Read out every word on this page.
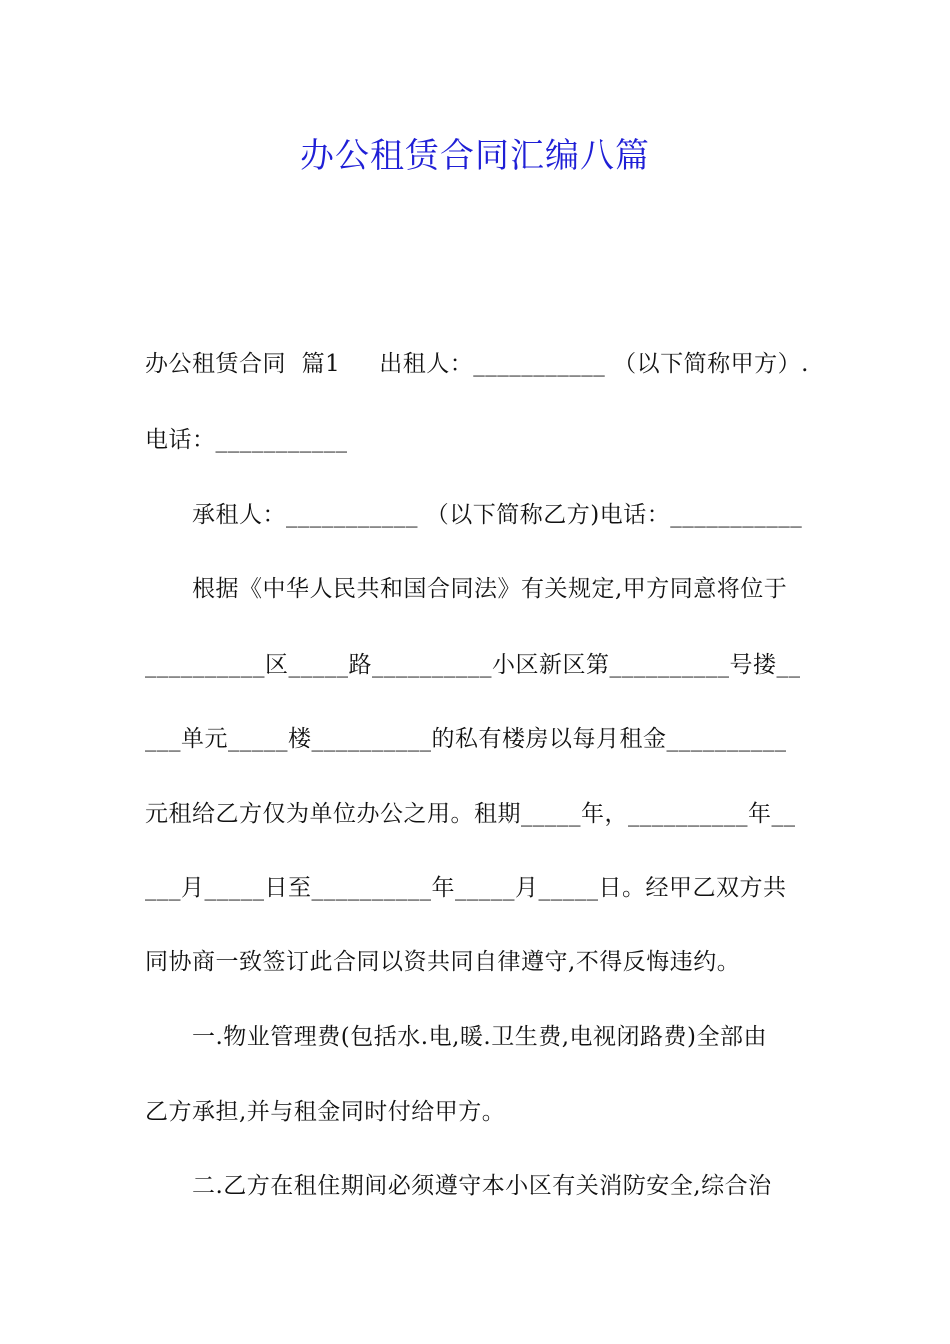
办公租赁合同汇编八篇
办公租赁合同  篇1     出租人：___________ （以下简称甲方）.
电话：___________
承租人：___________ （以下简称乙方)电话：___________
根据《中华人民共和国合同法》有关规定,甲方同意将位于
__________区_____路__________小区新区第__________号搂__
___单元_____楼__________的私有楼房以每月租金__________
元租给乙方仅为单位办公之用。租期_____年，__________年__
___月_____日至__________年_____月_____日。经甲乙双方共
同协商一致签订此合同以资共同自律遵守,不得反悔违约。
一.物业管理费(包括水.电,暖.卫生费,电视闭路费)全部由
乙方承担,并与租金同时付给甲方。
二.乙方在租住期间必须遵守本小区有关消防安全,综合治
